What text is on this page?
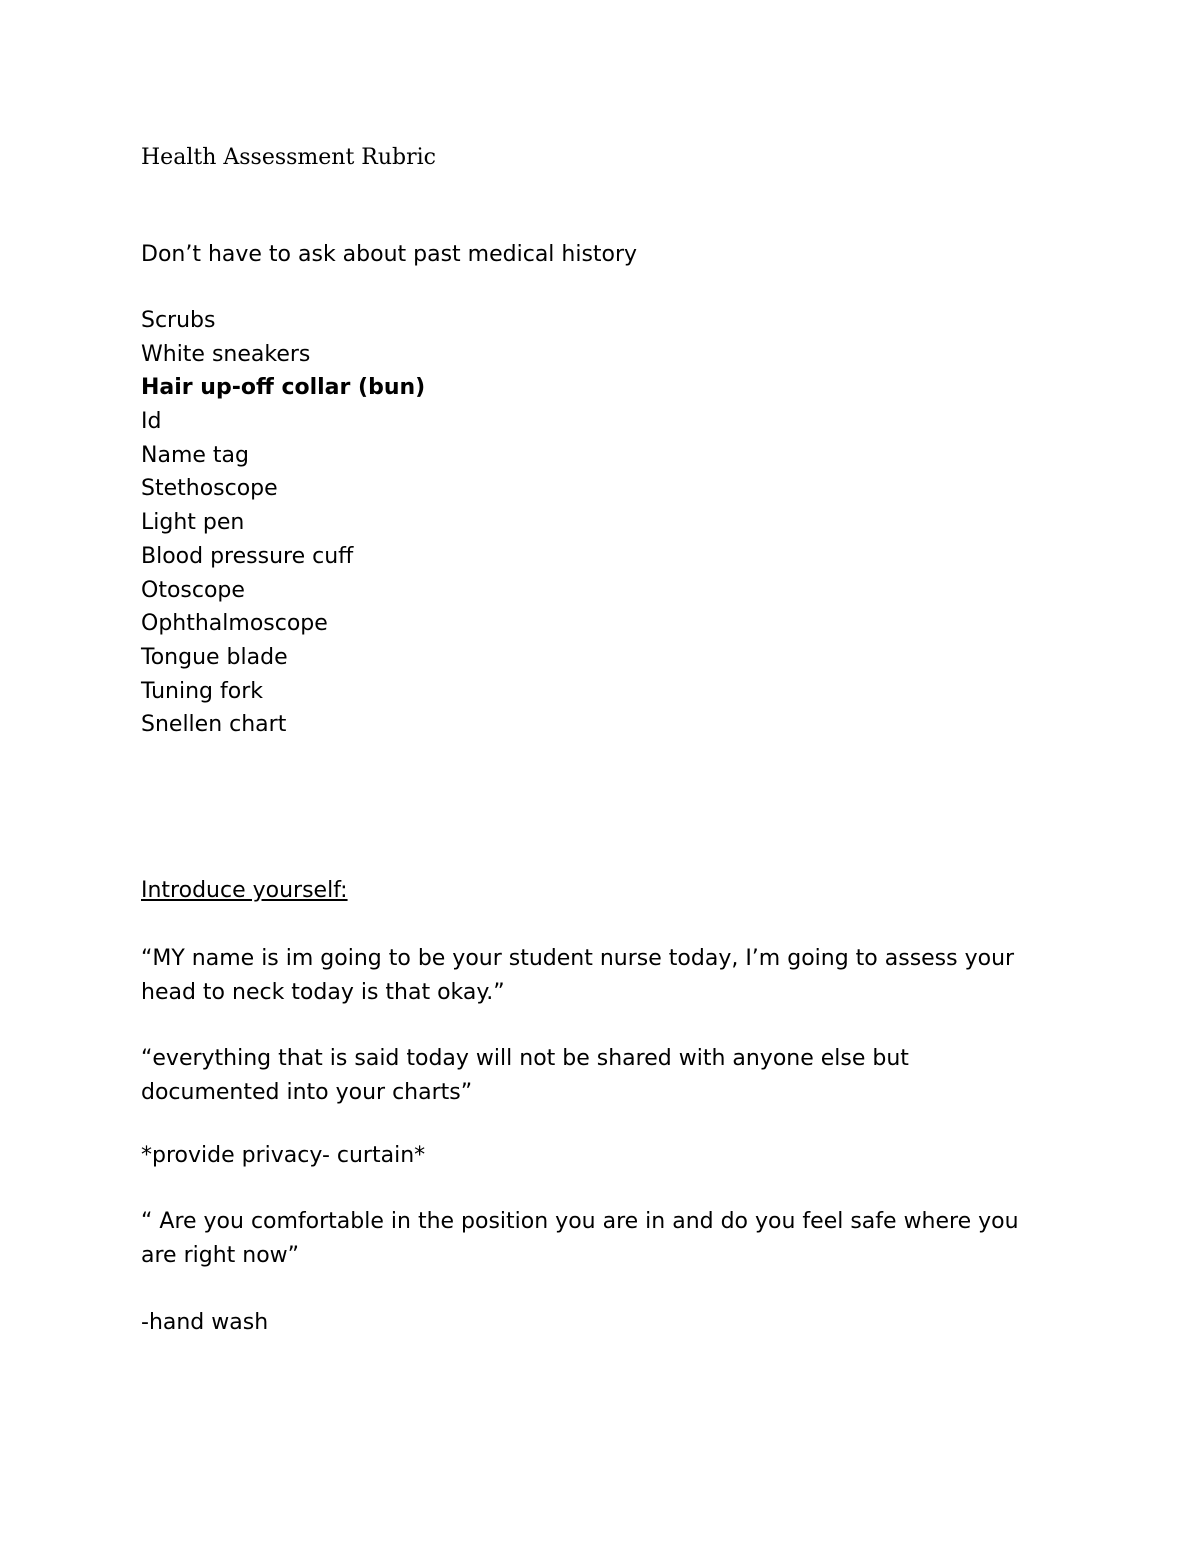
Health Assessment Rubric

Don’t have to ask about past medical history

Scrubs
White sneakers
Hair up-off collar (bun)
Id
Name tag
Stethoscope
Light pen
Blood pressure cuff
Otoscope
Ophthalmoscope
Tongue blade
Tuning fork
Snellen chart

Introduce yourself:

“MY name is im going to be your student nurse today, I’m going to assess your

head to neck today is that okay.”

“everything that is said today will not be shared with anyone else but

documented into your charts”

*provide privacy- curtain*

“ Are you comfortable in the position you are in and do you feel safe where you

are right now”

-hand wash
